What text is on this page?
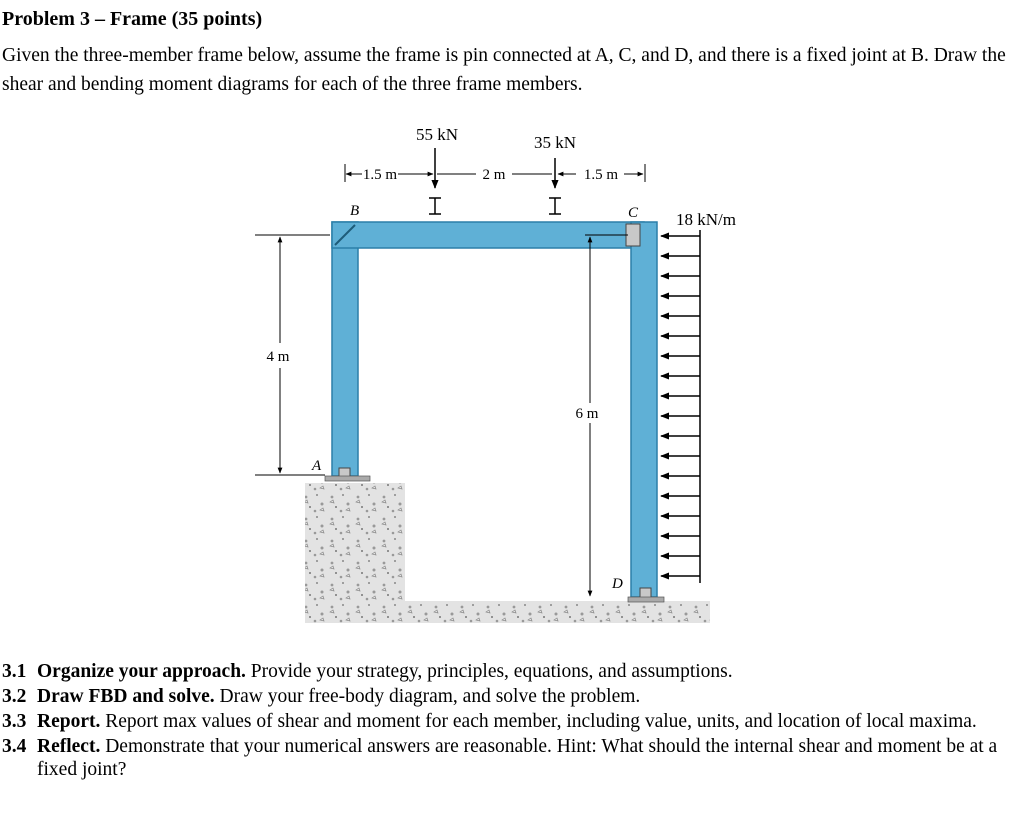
Problem 3 – Frame (35 points)
Given the three-member frame below, assume the frame is pin connected at A, C, and D, and there is a fixed joint at B. Draw the shear and bending moment diagrams for each of the three frame members.
55 kN	35 kN
1.5 m	2 m	1.5 m
B	C
A
D
4 m
6 m
18 kN/m
3.1 Organize your approach. Provide your strategy, principles, equations, and assumptions.
3.2 Draw FBD and solve. Draw your free-body diagram, and solve the problem.
3.3 Report. Report max values of shear and moment for each member, including value, units, and location of local maxima.
3.4 Reflect. Demonstrate that your numerical answers are reasonable. Hint: What should the internal shear and moment be at a fixed joint?
